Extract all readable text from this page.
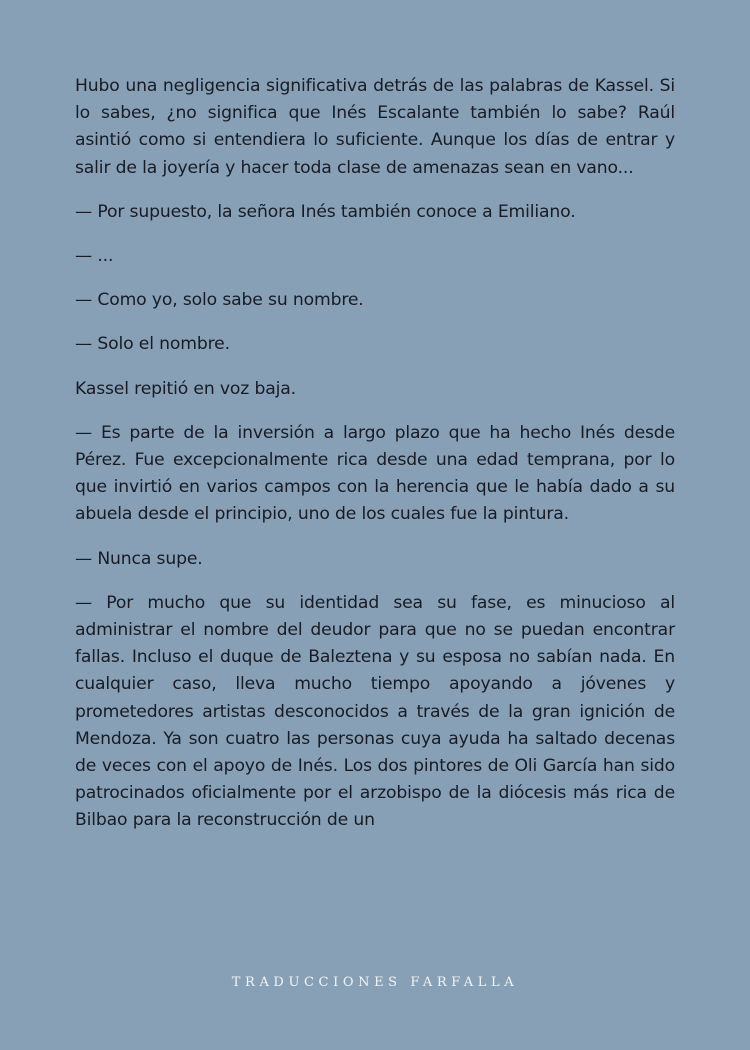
Hubo una negligencia significativa detrás de las palabras de Kassel. Si lo sabes, ¿no significa que Inés Escalante también lo sabe? Raúl asintió como si entendiera lo suficiente. Aunque los días de entrar y salir de la joyería y hacer toda clase de amenazas sean en vano...

— Por supuesto, la señora Inés también conoce a Emiliano.

— ...

— Como yo, solo sabe su nombre.

— Solo el nombre.

Kassel repitió en voz baja.

— Es parte de la inversión a largo plazo que ha hecho Inés desde Pérez. Fue excepcionalmente rica desde una edad temprana, por lo que invirtió en varios campos con la herencia que le había dado a su abuela desde el principio, uno de los cuales fue la pintura.

— Nunca supe.

— Por mucho que su identidad sea su fase, es minucioso al administrar el nombre del deudor para que no se puedan encontrar fallas. Incluso el duque de Baleztena y su esposa no sabían nada. En cualquier caso, lleva mucho tiempo apoyando a jóvenes y prometedores artistas desconocidos a través de la gran ignición de Mendoza. Ya son cuatro las personas cuya ayuda ha saltado decenas de veces con el apoyo de Inés. Los dos pintores de Oli García han sido patrocinados oficialmente por el arzobispo de la diócesis más rica de Bilbao para la reconstrucción de un

TRADUCCIONES FARFALLA
